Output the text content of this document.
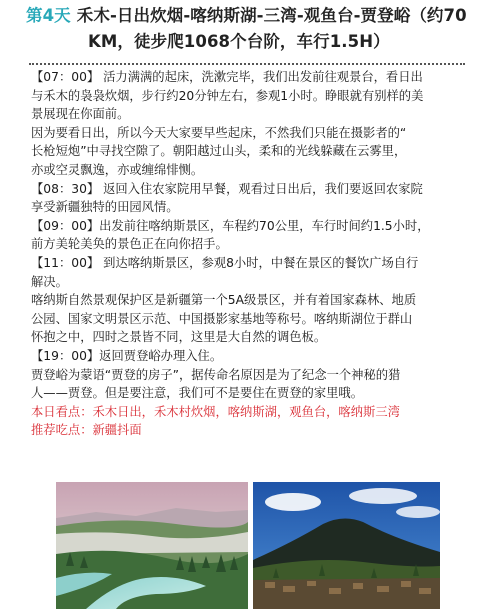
第4天 禾木-日出炊烟-喀纳斯湖-三湾-观鱼台-贾登峪（约70
KM，徒步爬1068个台阶，车行1.5H）

【07：00】 活力满满的起床，洗漱完毕，我们出发前往观景台，看日出

与禾木的袅袅炊烟，步行约20分钟左右，参观1小时。睁眼就有别样的美

景展现在你面前。

因为要看日出，所以今天大家要早些起床，不然我们只能在摄影者的“

长枪短炮”中寻找空隙了。朝阳越过山头，柔和的光线躲藏在云雾里，

亦或空灵飘逸，亦或缠绵悱恻。

【08：30】 返回入住农家院用早餐，观看过日出后，我们要返回农家院

享受新疆独特的田园风情。

【09：00】出发前往喀纳斯景区，车程约70公里，车行时间约1.5小时，

前方美轮美奂的景色正在向你招手。

【11：00】 到达喀纳斯景区，参观8小时，中餐在景区的餐饮广场自行

解决。

喀纳斯自然景观保护区是新疆第一个5A级景区，并有着国家森林、地质

公园、国家文明景区示范、中国摄影家基地等称号。喀纳斯湖位于群山

怀抱之中，四时之景皆不同，这里是大自然的调色板。

【19：00】返回贾登峪办理入住。

贾登峪为蒙语“贾登的房子”，据传命名原因是为了纪念一个神秘的猎

人——贾登。但是要注意，我们可不是要住在贾登的家里哦。

本日看点：禾木日出，禾木村炊烟，喀纳斯湖，观鱼台，喀纳斯三湾

推荐吃点：新疆抖面
